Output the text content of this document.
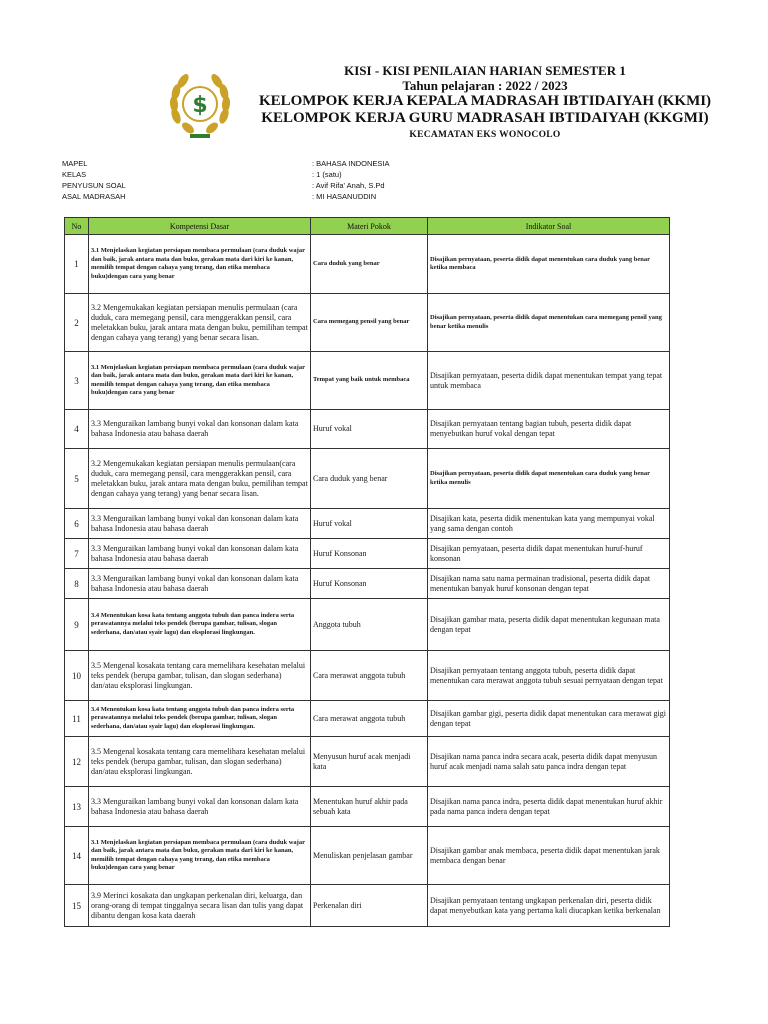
$
KISI - KISI PENILAIAN HARIAN SEMESTER 1
Tahun pelajaran : 2022 / 2023
KELOMPOK KERJA KEPALA MADRASAH IBTIDAIYAH (KKMI)
KELOMPOK KERJA GURU MADRASAH IBTIDAIYAH (KKGMI)
KECAMATAN EKS WONOCOLO
MAPEL	: BAHASA INDONESIA
KELAS	: 1 (satu)
PENYUSUN SOAL	: Avif Rifa' Anah, S.Pd
ASAL MADRASAH	: MI HASANUDDIN
No	Kompetensi Dasar	Materi Pokok	Indikator Soal
1	3.1 Menjelaskan kegiatan persiapan membaca permulaan (cara duduk wajar dan baik, jarak antara mata dan buku, gerakan mata dari kiri ke kanan, memilih tempat dengan cahaya yang terang, dan etika membaca buku)dengan cara yang benar	Cara duduk yang benar	Disajikan pernyataan, peserta didik dapat menentukan cara duduk yang benar ketika membaca
2	3.2 Mengemukakan kegiatan persiapan menulis permulaan (cara duduk, cara memegang pensil, cara menggerakkan pensil, cara meletakkan buku, jarak antara mata dengan buku, pemilihan tempat dengan cahaya yang terang) yang benar secara lisan.	Cara memegang pensil yang benar	Disajikan pernyataan, peserta didik dapat menentukan cara memegang pensil yang benar ketika menulis
3	3.1 Menjelaskan kegiatan persiapan membaca permulaan (cara duduk wajar dan baik, jarak antara mata dan buku, gerakan mata dari kiri ke kanan, memilih tempat dengan cahaya yang terang, dan etika membaca buku)dengan cara yang benar	Tempat yang baik untuk membaca	Disajikan pernyataan, peserta didik dapat menentukan tempat yang tepat untuk membaca
4	3.3 Menguraikan lambang bunyi vokal dan konsonan dalam kata bahasa Indonesia atau bahasa daerah	Huruf vokal	Disajikan pernyataan tentang bagian tubuh, peserta didik dapat menyebutkan huruf vokal dengan tepat
5	3.2 Mengemukakan kegiatan persiapan menulis permulaan(cara duduk, cara memegang pensil, cara menggerakkan pensil, cara meletakkan buku, jarak antara mata dengan buku, pemilihan tempat dengan cahaya yang terang) yang benar secara lisan.	Cara duduk yang benar	Disajikan pernyataan, peserta didik dapat menentukan cara duduk yang benar ketika menulis
6	3.3 Menguraikan lambang bunyi vokal dan konsonan dalam kata bahasa Indonesia atau bahasa daerah	Huruf vokal	Disajikan kata, peserta didik menentukan kata yang mempunyai vokal yang sama dengan contoh
7	3.3 Menguraikan lambang bunyi vokal dan konsonan dalam kata bahasa Indonesia atau bahasa daerah	Huruf Konsonan	Disajikan pernyataan, peserta didik dapat menentukan huruf-huruf konsonan
8	3.3 Menguraikan lambang bunyi vokal dan konsonan dalam kata bahasa Indonesia atau bahasa daerah	Huruf Konsonan	Disajikan nama satu nama permainan tradisional, peserta didik dapat menentukan banyak huruf konsonan dengan tepat
9	3.4 Menentukan kosa kata tentang anggota tubuh dan panca indera serta perawatannya melalui teks pendek (berupa gambar, tulisan, slogan sederhana, dan/atau syair lagu) dan eksplorasi lingkungan.	Anggota tubuh	Disajikan gambar mata, peserta didik dapat menentukan kegunaan mata dengan tepat
10	3.5 Mengenal kosakata tentang cara memelihara kesehatan melalui teks pendek (berupa gambar, tulisan, dan slogan sederhana) dan/atau eksplorasi lingkungan.	Cara merawat anggota tubuh	Disajikan pernyataan tentang anggota tubuh, peserta didik dapat menentukan cara merawat anggota tubuh sesuai pernyataan dengan tepat
11	3.4 Menentukan kosa kata tentang anggota tubuh dan panca indera serta perawatannya melalui teks pendek (berupa gambar, tulisan, slogan sederhana, dan/atau syair lagu) dan eksplorasi lingkungan.	Cara merawat anggota tubuh	Disajikan gambar gigi, peserta didik dapat menentukan cara merawat gigi dengan tepat
12	3.5 Mengenal kosakata tentang cara memelihara kesehatan melalui teks pendek (berupa gambar, tulisan, dan slogan sederhana) dan/atau eksplorasi lingkungan.	Menyusun huruf acak menjadi kata	Disajikan nama panca indra secara acak, peserta didik dapat menyusun huruf acak menjadi nama salah satu panca indra dengan tepat
13	3.3 Menguraikan lambang bunyi vokal dan konsonan dalam kata bahasa Indonesia atau bahasa daerah	Menentukan huruf akhir pada sebuah kata	Disajikan nama panca indra, peserta didik dapat menentukan huruf akhir pada nama panca indera dengan tepat
14	3.1 Menjelaskan kegiatan persiapan membaca permulaan (cara duduk wajar dan baik, jarak antara mata dan buku, gerakan mata dari kiri ke kanan, memilih tempat dengan cahaya yang terang, dan etika membaca buku)dengan cara yang benar	Menuliskan penjelasan gambar	Disajikan gambar anak membaca, peserta didik dapat menentukan jarak membaca dengan benar
15	3.9 Merinci kosakata dan ungkapan perkenalan diri, keluarga, dan orang-orang di tempat tinggalnya secara lisan dan tulis yang dapat dibantu dengan kosa kata daerah	Perkenalan diri	Disajikan pernyataan tentang ungkapan perkenalan diri, peserta didik dapat menyebutkan kata yang pertama kali diucapkan ketika berkenalan
